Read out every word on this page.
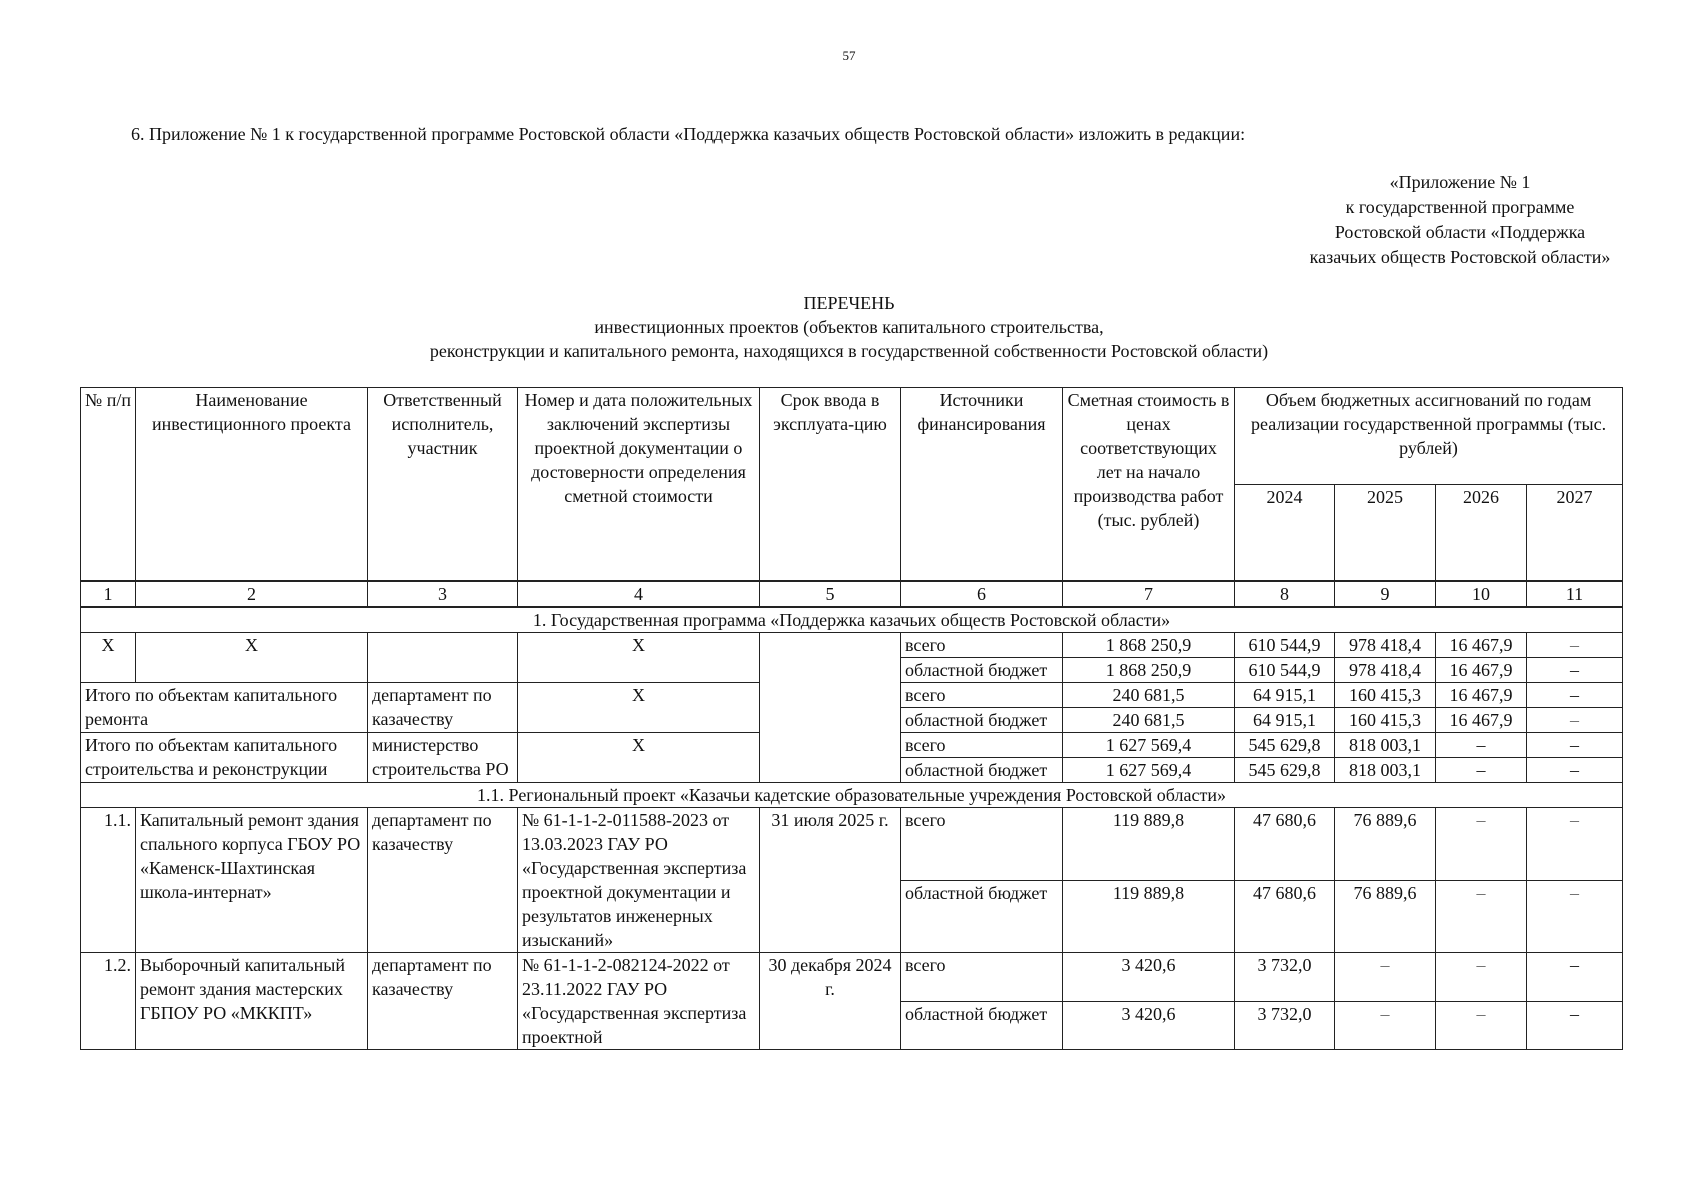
57
6. Приложение № 1 к государственной программе Ростовской области «Поддержка казачьих обществ Ростовской области» изложить в редакции:
«Приложение № 1
к государственной программе
Ростовской области «Поддержка
казачьих обществ Ростовской области»
ПЕРЕЧЕНЬ
инвестиционных проектов (объектов капитального строительства,
реконструкции и капитального ремонта, находящихся в государственной собственности Ростовской области)
№ п/п	Наименование инвестиционного проекта	Ответственный исполнитель, участник	Номер и дата положительных заключений экспертизы проектной документации о достоверности определения сметной стоимости	Срок ввода в эксплуата-цию	Источники финансирования	Сметная стоимость в ценах соответствующих лет на начало производства работ (тыс. рублей)	Объем бюджетных ассигнований по годам реализации государственной программы (тыс. рублей)			
							2024	2025	2026	2027
1	2	3	4	5	6	7	8	9	10	11
1. Государственная программа «Поддержка казачьих обществ Ростовской области»										
X	X		X		всего	1 868 250,9	610 544,9	978 418,4	16 467,9	–
					областной бюджет	1 868 250,9	610 544,9	978 418,4	16 467,9	–
Итого по объектам капитального ремонта		департамент по казачеству	X		всего	240 681,5	64 915,1	160 415,3	16 467,9	–
					областной бюджет	240 681,5	64 915,1	160 415,3	16 467,9	–
Итого по объектам капитального строительства и реконструкции		министерство строительства РО	X		всего	1 627 569,4	545 629,8	818 003,1	–	–
					областной бюджет	1 627 569,4	545 629,8	818 003,1	–	–
1.1. Региональный проект «Казачьи кадетские образовательные учреждения Ростовской области»										
1.1.	Капитальный ремонт здания спального корпуса ГБОУ РО «Каменск-Шахтинская школа-интернат»	департамент по казачеству	№ 61-1-1-2-011588-2023 от 13.03.2023 ГАУ РО «Государственная экспертиза проектной документации и результатов инженерных изысканий»	31 июля 2025 г.	всего	119 889,8	47 680,6	76 889,6	–	–
					областной бюджет	119 889,8	47 680,6	76 889,6	–	–
1.2.	Выборочный капитальный ремонт здания мастерских ГБПОУ РО «МККПТ»	департамент по казачеству	№ 61-1-1-2-082124-2022 от 23.11.2022 ГАУ РО «Государственная экспертиза проектной	30 декабря 2024 г.	всего	3 420,6	3 732,0	–	–	–
					областной бюджет	3 420,6	3 732,0	–	–	–
